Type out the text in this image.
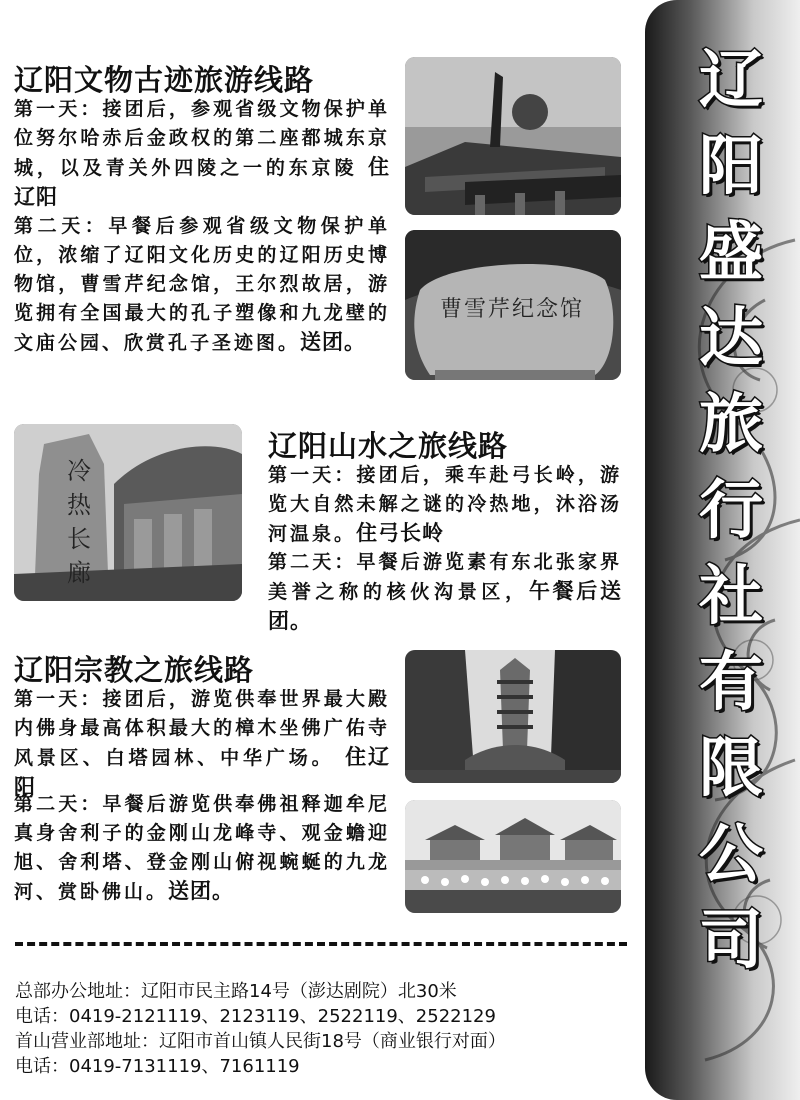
辽
阳
盛
达
旅
行
社
有
限
公
司
辽阳文物古迹旅游线路
第一天：接团后，参观省级文物保护单位努尔哈赤后金政权的第二座都城东京城，以及青关外四陵之一的东京陵 住辽阳
第二天：早餐后参观省级文物保护单位，浓缩了辽阳文化历史的辽阳历史博物馆，曹雪芹纪念馆，王尔烈故居，游览拥有全国最大的孔子塑像和九龙壁的文庙公园、欣赏孔子圣迹图。送团。
曹雪芹纪念馆
冷热长廊
辽阳山水之旅线路
第一天：接团后，乘车赴弓长岭，游览大自然未解之谜的冷热地，沐浴汤河温泉。住弓长岭
第二天：早餐后游览素有东北张家界美誉之称的核伙沟景区，午餐后送团。
辽阳宗教之旅线路
第一天：接团后，游览供奉世界最大殿内佛身最高体积最大的樟木坐佛广佑寺风景区、白塔园林、中华广场。 住辽阳
第二天：早餐后游览供奉佛祖释迦牟尼真身舍利子的金刚山龙峰寺、观金蟾迎旭、舍利塔、登金刚山俯视蜿蜒的九龙河、赏卧佛山。送团。
总部办公地址：辽阳市民主路14号（澎达剧院）北30米
电话：0419-2121119、2123119、2522119、2522129
首山营业部地址：辽阳市首山镇人民街18号（商业银行对面）
电话：0419-7131119、7161119
